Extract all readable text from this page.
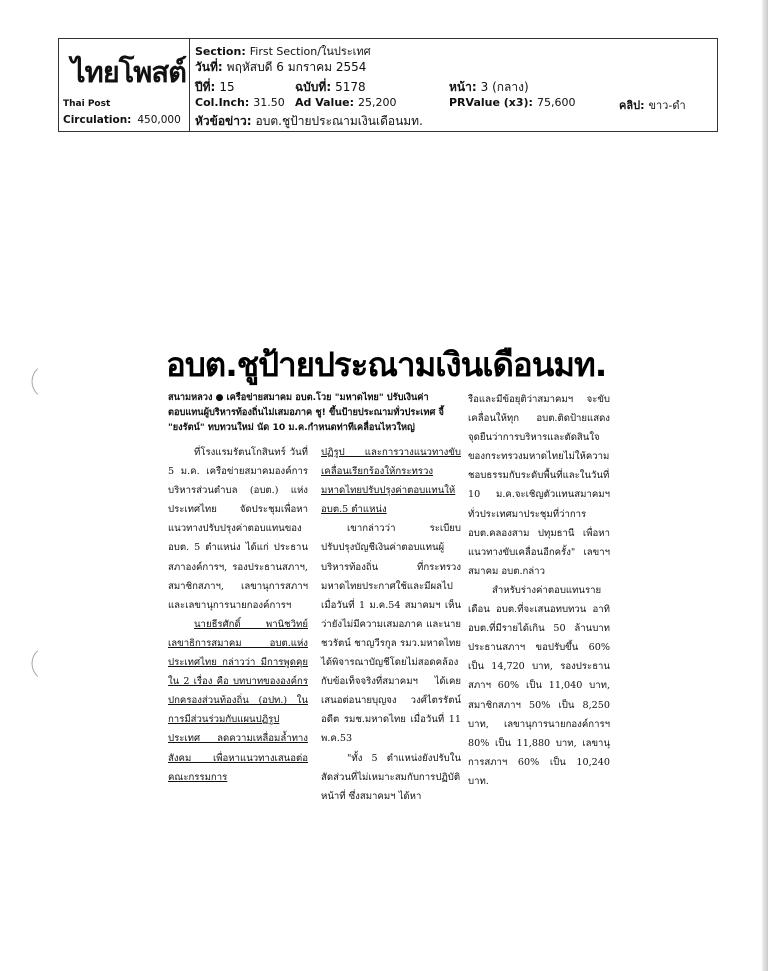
ไทยโพสต์
Thai Post
Circulation: 450,000
Section: First Section/ในประเทศ
วันที่: พฤหัสบดี 6 มกราคม 2554
ปีที่: 15	ฉบับที่: 5178	หน้า: 3 (กลาง)
Col.Inch: 31.50 Ad Value: 25,200	PRValue (x3): 75,600	คลิป: ขาว-ดำ
หัวข้อข่าว: อบต.ชูป้ายประณามเงินเดือนมท.
อบต.ชูป้ายประณามเงินเดือนมท.
สนามหลวง ● เครือข่ายสมาคม อบต.โวย "มหาดไทย" ปรับเงินค่าตอบแทนผู้บริหารท้องถิ่นไม่เสมอภาค ชู! ขึ้นป้ายประณามทั่วประเทศ จี้ "ยงรัตน์" ทบทวนใหม่ นัด 10 ม.ค.กำหนดท่าทีเคลื่อนไหวใหญ่

ที่โรงแรมรัตนโกสินทร์ วันที่ 5 ม.ค. เครือข่ายสมาคมองค์การบริหารส่วนตำบล (อบต.) แห่งประเทศไทย จัดประชุมเพื่อหาแนวทางปรับปรุงค่าตอบแทนของ อบต. 5 ตำแหน่ง ได้แก่ ประธานสภาองค์การฯ, รองประธานสภาฯ, สมาชิกสภาฯ, เลขานุการสภาฯ และเลขานุการนายกองค์การฯ

นายธีรศักดิ์ พานิชวิทย์ เลขาธิการสมาคม อบต.แห่งประเทศไทย กล่าวว่า มีการพูดคุยใน 2 เรื่อง คือ บทบาทขององค์กรปกครองส่วนท้องถิ่น (อปท.) ในการมีส่วนร่วมกับแผนปฏิรูปประเทศ ลดความเหลื่อมล้ำทางสังคม เพื่อหาแนวทางเสนอต่อคณะกรรมการ

ปฏิรูป และการวางแนวทางขับเคลื่อนเรียกร้องให้กระทรวงมหาดไทยปรับปรุงค่าตอบแทนให้ อบต.5 ตำแหน่ง

เขากล่าวว่า ระเบียบปรับปรุงบัญชีเงินค่าตอบแทนผู้บริหารท้องถิ่น ที่กระทรวงมหาดไทยประกาศใช้และมีผลไปเมื่อวันที่ 1 ม.ค.54 สมาคมฯ เห็นว่ายังไม่มีความเสมอภาค และนายชวรัตน์ ชาญวีรกูล รมว.มหาดไทย ได้พิจารณาบัญชีโดยไม่สอดคล้องกับข้อเท็จจริงที่สมาคมฯ ได้เคยเสนอต่อนายบุญจง วงศ์ไตรรัตน์ อดีต รมช.มหาดไทย เมื่อวันที่ 11 พ.ค.53

"ทั้ง 5 ตำแหน่งยังปรับในสัดส่วนที่ไม่เหมาะสมกับการปฏิบัติหน้าที่ ซึ่งสมาคมฯ ได้หา

รือและมีข้อยุติว่าสมาคมฯ จะขับเคลื่อนให้ทุก อบต.ติดป้ายแสดงจุดยืนว่าการบริหารและตัดสินใจของกระทรวงมหาดไทยไม่ให้ความชอบธรรมกับระดับพื้นที่และในวันที่ 10 ม.ค.จะเชิญตัวแทนสมาคมฯ ทั่วประเทศมาประชุมที่ว่าการ อบต.คลองสาม ปทุมธานี เพื่อหาแนวทางขับเคลื่อนอีกครั้ง" เลขาฯ สมาคม อบต.กล่าว

สำหรับร่างค่าตอบแทนรายเดือน อบต.ที่จะเสนอทบทวน อาทิ อบต.ที่มีรายได้เกิน 50 ล้านบาท ประธานสภาฯ ขอปรับขึ้น 60% เป็น 14,720 บาท, รองประธานสภาฯ 60% เป็น 11,040 บาท, สมาชิกสภาฯ 50% เป็น 8,250 บาท, เลขานุการนายกองค์การฯ 80% เป็น 11,880 บาท, เลขานุการสภาฯ 60% เป็น 10,240 บาท.
